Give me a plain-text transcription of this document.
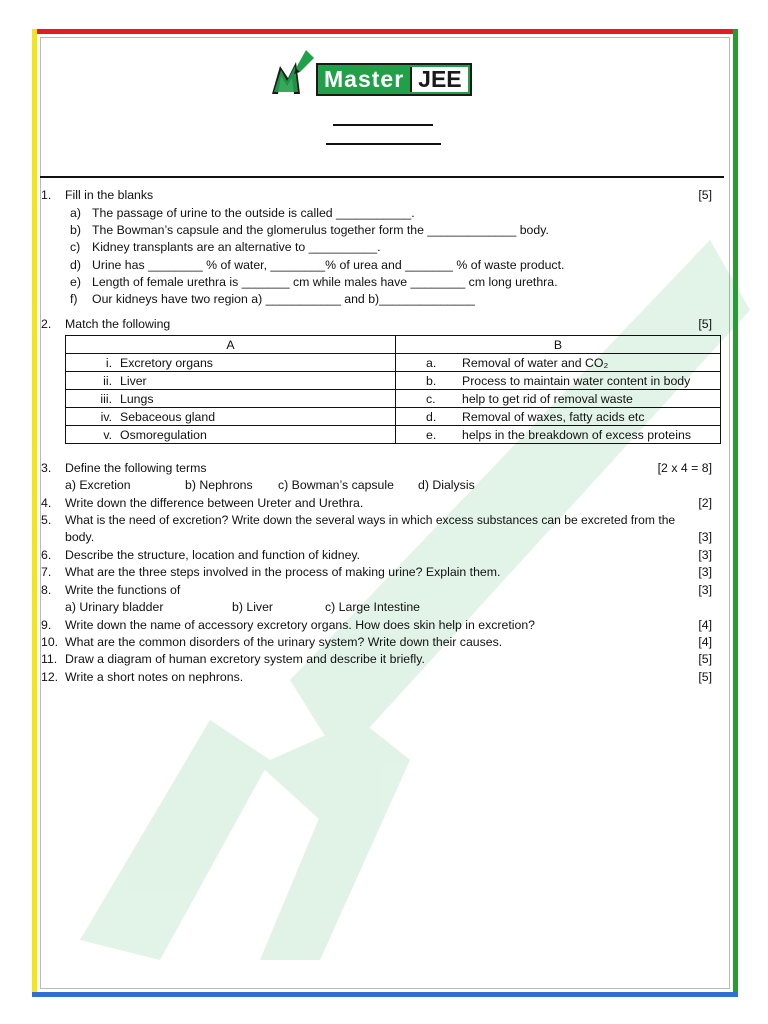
Master JEE
1. Fill in the blanks	[5]
a) The passage of urine to the outside is called ___________.
b) The Bowman’s capsule and the glomerulus together form the _____________ body.
c) Kidney transplants are an alternative to __________.
d) Urine has ________ % of water, ________% of urea and _______ % of waste product.
e) Length of female urethra is _______ cm while males have ________ cm long urethra.
f) Our kidneys have two region a) ___________ and b)______________
2. Match the following	[5]
A	B
i. Excretory organs	a. Removal of water and CO₂
ii. Liver	b. Process to maintain water content in body
iii. Lungs	c. help to get rid of removal waste
iv. Sebaceous gland	d. Removal of waxes, fatty acids etc
v. Osmoregulation	e. helps in the breakdown of excess proteins
3. Define the following terms	[2 x 4 = 8]
a) Excretion	b) Nephrons c) Bowman’s capsule d) Dialysis
4. Write down the difference between Ureter and Urethra.	[2]
5. What is the need of excretion? Write down the several ways in which excess substances can be excreted from the
body.	[3]
6. Describe the structure, location and function of kidney.	[3]
7. What are the three steps involved in the process of making urine? Explain them.	[3]
8. Write the functions of	[3]
a) Urinary bladder	b) Liver	c) Large Intestine
9. Write down the name of accessory excretory organs. How does skin help in excretion?	[4]
10. What are the common disorders of the urinary system? Write down their causes.	[4]
11. Draw a diagram of human excretory system and describe it briefly.	[5]
12. Write a short notes on nephrons.	[5]
